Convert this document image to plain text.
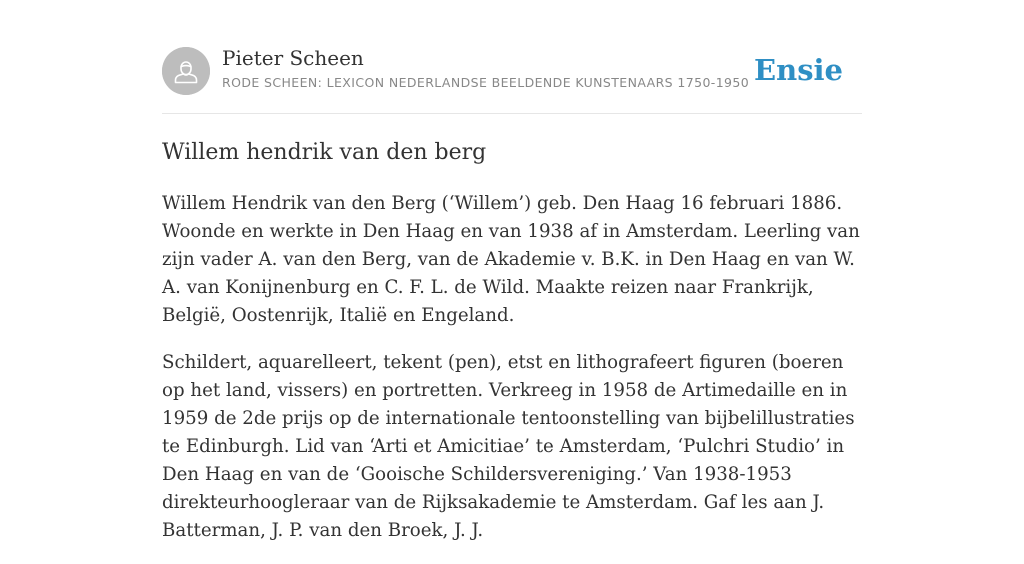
Pieter Scheen
RODE SCHEEN: LEXICON NEDERLANDSE BEELDENDE KUNSTENAARS 1750-1950 Ensie
Willem hendrik van den berg

Willem Hendrik van den Berg (‘Willem’) geb. Den Haag 16 februari 1886. Woonde en werkte in Den Haag en van 1938 af in Amsterdam. Leerling van zijn vader A. van den Berg, van de Akademie v. B.K. in Den Haag en van W. A. van Konijnenburg en C. F. L. de Wild. Maakte reizen naar Frankrijk, België, Oostenrijk, Italië en Engeland.

Schildert, aquarelleert, tekent (pen), etst en lithografeert figuren (boeren op het land, vissers) en portretten. Verkreeg in 1958 de Artimedaille en in 1959 de 2de prijs op de internationale tentoonstelling van bijbelillustraties te Edinburgh. Lid van ‘Arti et Amicitiae’ te Amsterdam, ‘Pulchri Studio’ in Den Haag en van de ‘Gooische Schildersvereniging.’ Van 1938-1953 direkteurhoogleraar van de Rijksakademie te Amsterdam. Gaf les aan J. Batterman, J. P. van den Broek, J. J.
